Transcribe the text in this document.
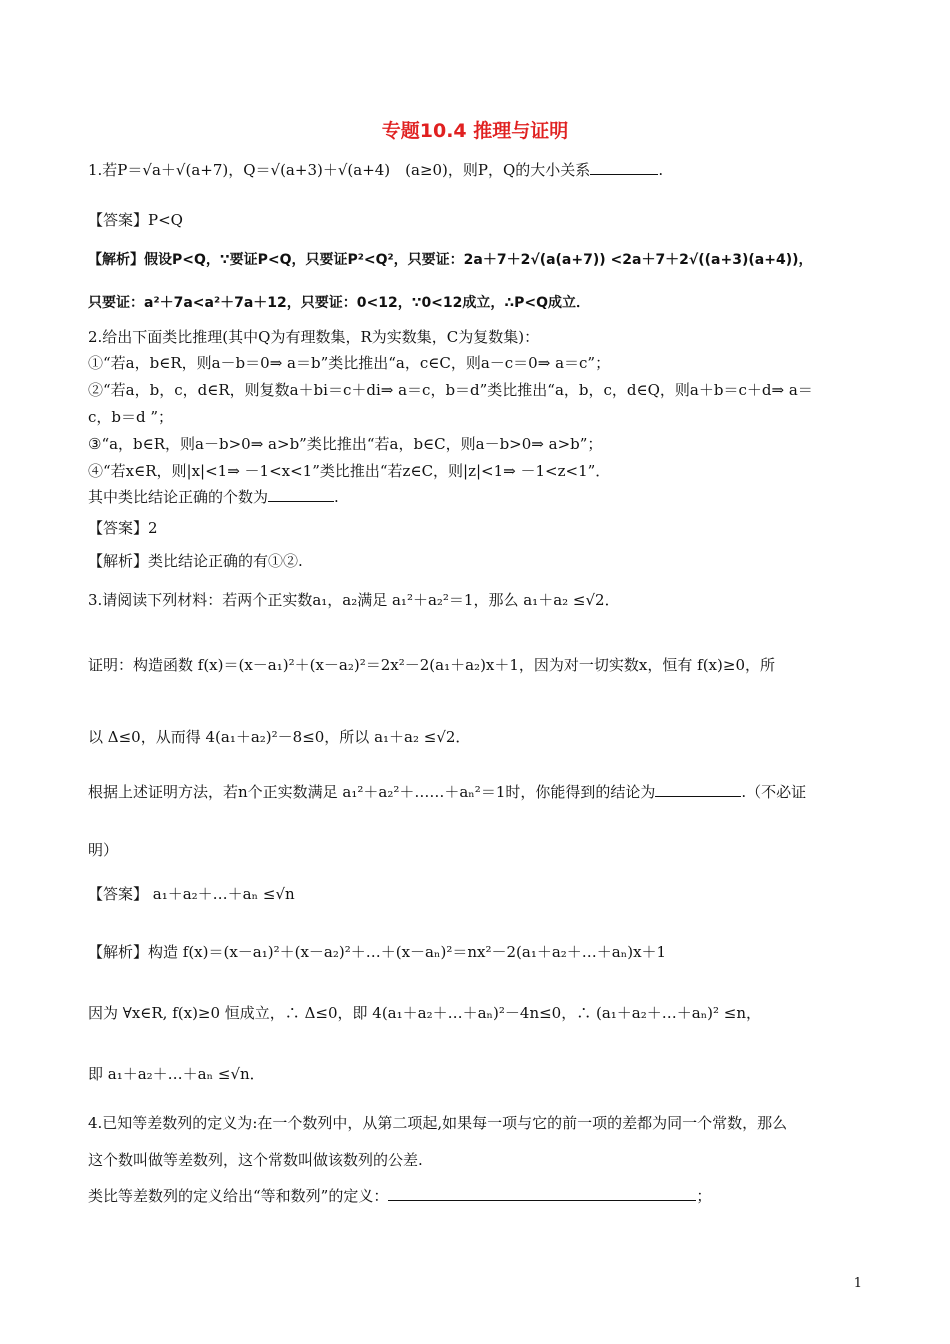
专题10.4 推理与证明
1.若P＝√a＋√(a+7)，Q＝√(a+3)＋√(a+4)　(a≥0)，则P，Q的大小关系	.
【答案】P<Q
【解析】假设P<Q，∵要证P<Q，只要证P²<Q²，只要证：2a＋7＋2√(a(a+7)) <2a＋7＋2√((a+3)(a+4))，
只要证：a²＋7a<a²＋7a＋12，只要证：0<12，∵0<12成立，∴P<Q成立．
2.给出下面类比推理(其中Q为有理数集，R为实数集，C为复数集)：
①“若a，b∈R，则a－b＝0⇒ a＝b”类比推出“a，c∈C，则a－c＝0⇒ a＝c”；
②“若a，b，c，d∈R，则复数a＋bi＝c＋di⇒ a＝c，b＝d”类比推出“a，b，c，d∈Q，则a＋b＝c＋d⇒ a＝
c，b＝d ”；
③“a，b∈R，则a－b>0⇒ a>b”类比推出“若a，b∈C，则a－b>0⇒ a>b”；
④“若x∈R，则|x|<1⇒ －1<x<1”类比推出“若z∈C，则|z|<1⇒ －1<z<1”．
其中类比结论正确的个数为	.
【答案】2
【解析】类比结论正确的有①②.
3.请阅读下列材料：若两个正实数a₁，a₂满足 a₁²＋a₂²＝1，那么 a₁＋a₂ ≤√2．
证明：构造函数 f(x)＝(x－a₁)²＋(x－a₂)²＝2x²－2(a₁＋a₂)x＋1，因为对一切实数x，恒有 f(x)≥0，所
以 Δ≤0，从而得 4(a₁＋a₂)²－8≤0，所以 a₁＋a₂ ≤√2．
根据上述证明方法，若n个正实数满足 a₁²＋a₂²＋……＋aₙ²＝1时，你能得到的结论为	.（不必证
明）
【答案】 a₁＋a₂＋…＋aₙ ≤√n
【解析】构造 f(x)＝(x－a₁)²＋(x－a₂)²＋…＋(x－aₙ)²＝nx²－2(a₁＋a₂＋…＋aₙ)x＋1
因为 ∀x∈R, f(x)≥0 恒成立，∴ Δ≤0，即 4(a₁＋a₂＋…＋aₙ)²－4n≤0，∴ (a₁＋a₂＋…＋aₙ)² ≤n，
即 a₁＋a₂＋…＋aₙ ≤√n．
4.已知等差数列的定义为:在一个数列中，从第二项起,如果每一项与它的前一项的差都为同一个常数，那么
这个数叫做等差数列，这个常数叫做该数列的公差.
类比等差数列的定义给出“等和数列”的定义：	；
1
